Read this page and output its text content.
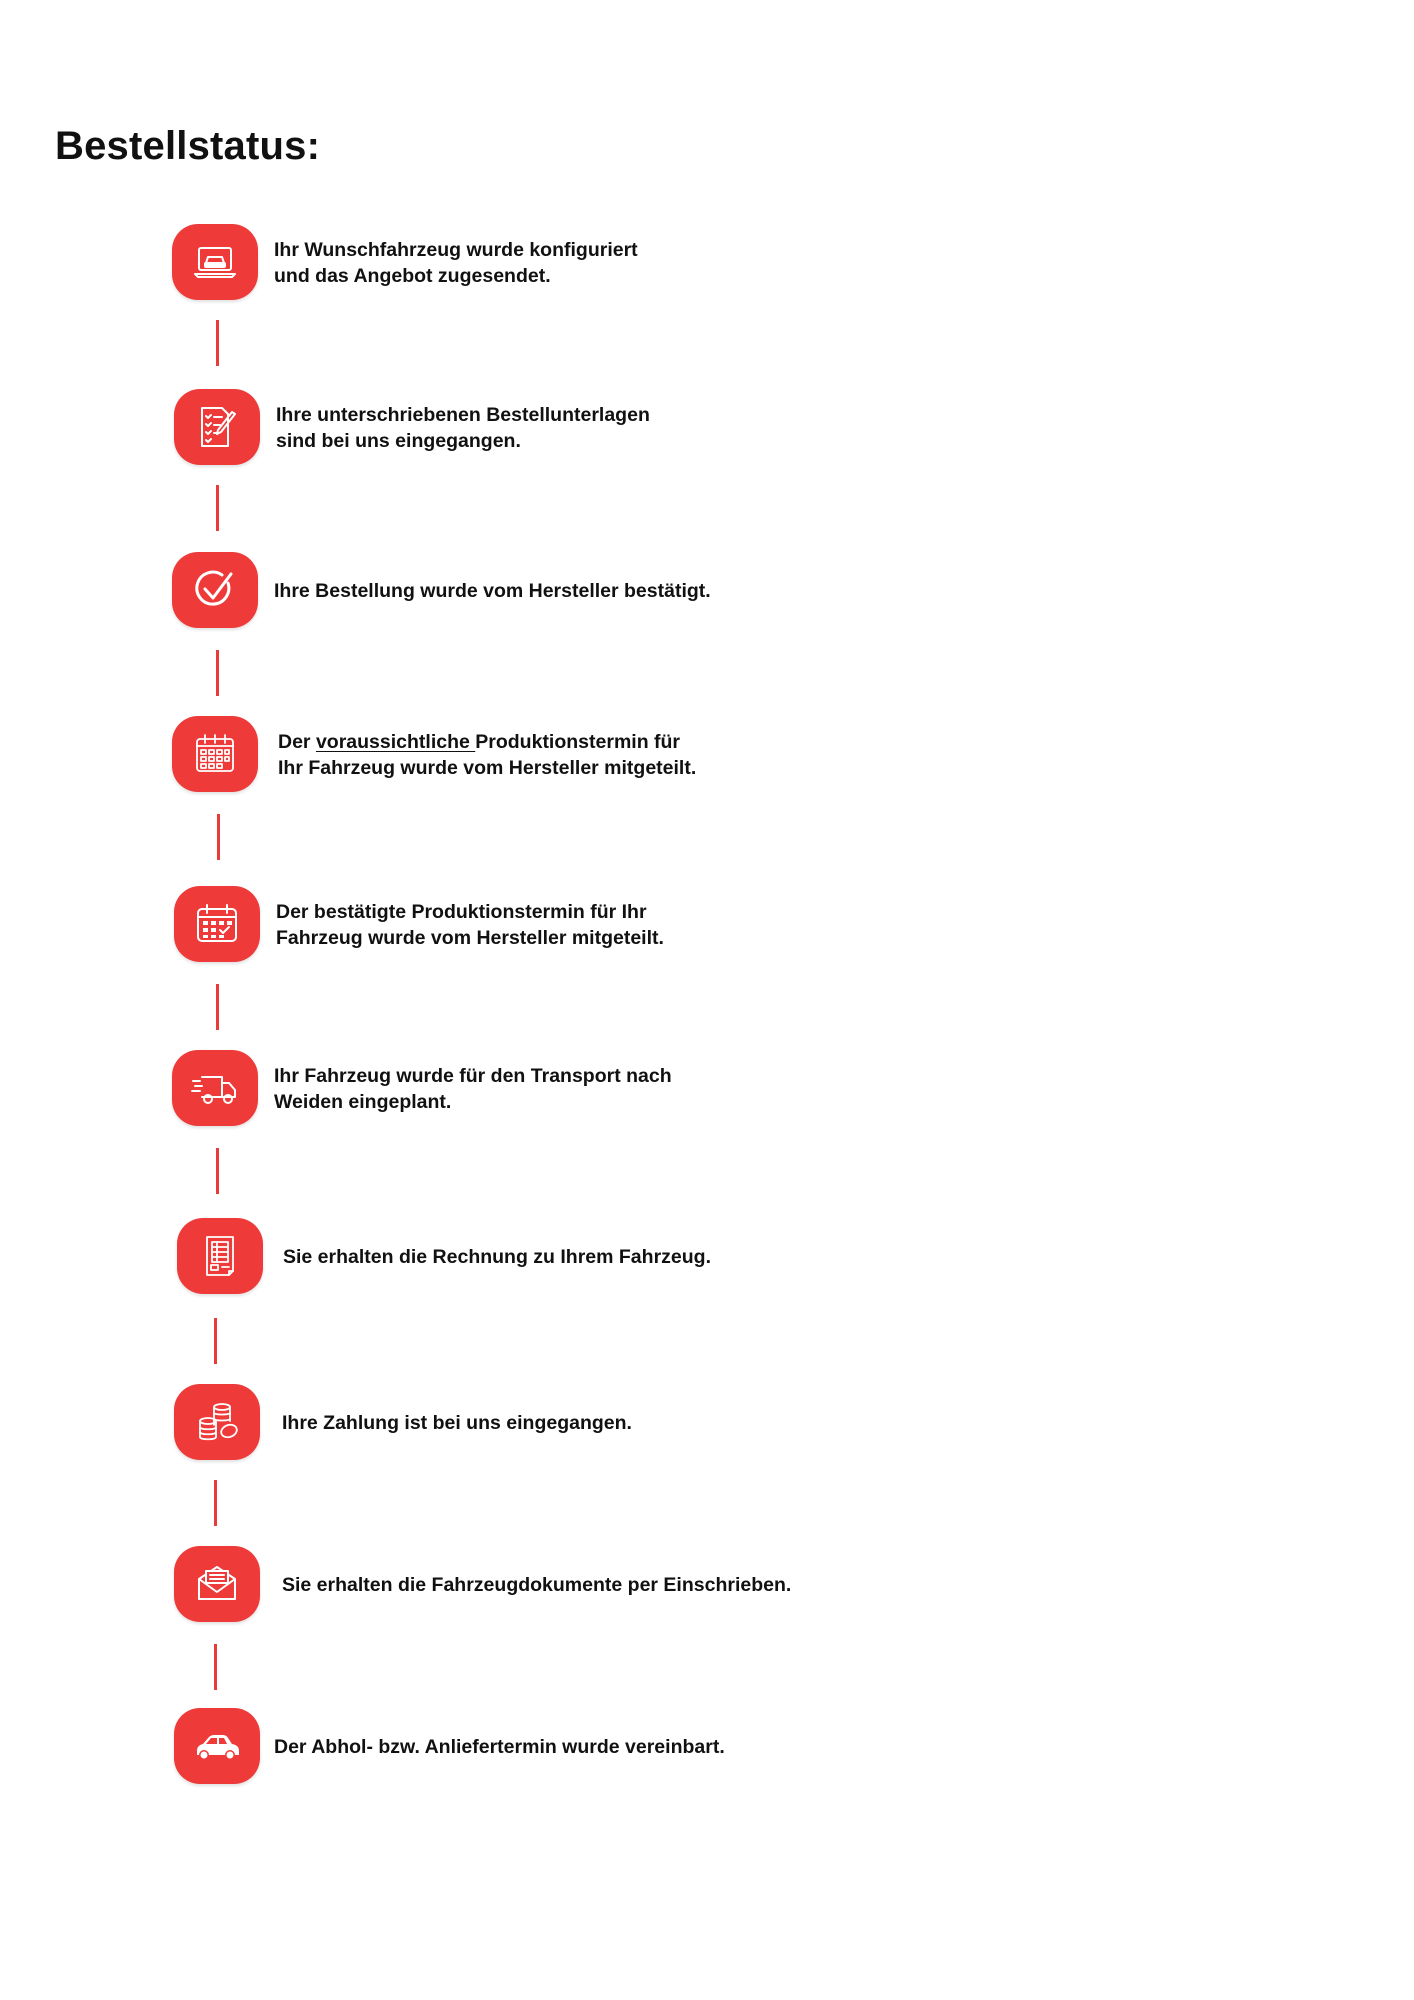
Bestellstatus:
Ihr Wunschfahrzeug wurde konfiguriert
und das Angebot zugesendet.
Ihre unterschriebenen Bestellunterlagen
sind bei uns eingegangen.
Ihre Bestellung wurde vom Hersteller bestätigt.
Der voraussichtliche Produktionstermin für
Ihr Fahrzeug wurde vom Hersteller mitgeteilt.
Der bestätigte Produktionstermin für Ihr
Fahrzeug wurde vom Hersteller mitgeteilt.
Ihr Fahrzeug wurde für den Transport nach
Weiden eingeplant.
Sie erhalten die Rechnung zu Ihrem Fahrzeug.
Ihre Zahlung ist bei uns eingegangen.
Sie erhalten die Fahrzeugdokumente per Einschrieben.
Der Abhol- bzw. Anliefertermin wurde vereinbart.
